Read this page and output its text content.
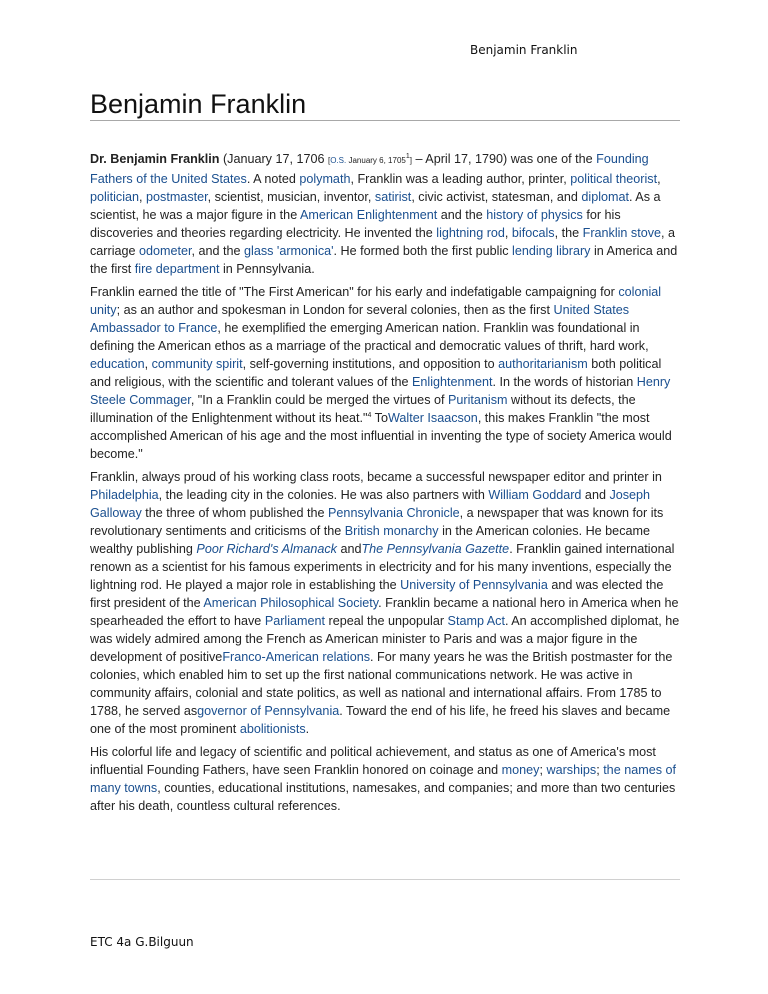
Benjamin Franklin
Benjamin Franklin

Dr. Benjamin Franklin (January 17, 1706 [O.S. January 6, 1705$^1$] – April 17, 1790) was one of the Founding Fathers of the United States. A noted polymath, Franklin was a leading author, printer, political theorist, politician, postmaster, scientist, musician, inventor, satirist, civic activist, statesman, and diplomat. As a scientist, he was a major figure in the American Enlightenment and the history of physics for his discoveries and theories regarding electricity. He invented the lightning rod, bifocals, the Franklin stove, a carriage odometer, and the glass 'armonica'. He formed both the first public lending library in America and the first fire department in Pennsylvania.

Franklin earned the title of "The First American" for his early and indefatigable campaigning for colonial unity; as an author and spokesman in London for several colonies, then as the first United States Ambassador to France, he exemplified the emerging American nation. Franklin was foundational in defining the American ethos as a marriage of the practical and democratic values of thrift, hard work, education, community spirit, self-governing institutions, and opposition to authoritarianism both political and religious, with the scientific and tolerant values of the Enlightenment. In the words of historian Henry Steele Commager, "In a Franklin could be merged the virtues of Puritanism without its defects, the illumination of the Enlightenment without its heat."$^4$ ToWalter Isaacson, this makes Franklin "the most accomplished American of his age and the most influential in inventing the type of society America would become."

Franklin, always proud of his working class roots, became a successful newspaper editor and printer in Philadelphia, the leading city in the colonies. He was also partners with William Goddard and Joseph Galloway the three of whom published the Pennsylvania Chronicle, a newspaper that was known for its revolutionary sentiments and criticisms of the British monarchy in the American colonies. He became wealthy publishing Poor Richard's Almanack andThe Pennsylvania Gazette. Franklin gained international renown as a scientist for his famous experiments in electricity and for his many inventions, especially the lightning rod. He played a major role in establishing the University of Pennsylvania and was elected the first president of the American Philosophical Society. Franklin became a national hero in America when he spearheaded the effort to have Parliament repeal the unpopular Stamp Act. An accomplished diplomat, he was widely admired among the French as American minister to Paris and was a major figure in the development of positiveFranco-American relations. For many years he was the British postmaster for the colonies, which enabled him to set up the first national communications network. He was active in community affairs, colonial and state politics, as well as national and international affairs. From 1785 to 1788, he served asgovernor of Pennsylvania. Toward the end of his life, he freed his slaves and became one of the most prominent abolitionists.

His colorful life and legacy of scientific and political achievement, and status as one of America's most influential Founding Fathers, have seen Franklin honored on coinage and money; warships; the names of many towns, counties, educational institutions, namesakes, and companies; and more than two centuries after his death, countless cultural references.

ETC 4a G.Bilguun
